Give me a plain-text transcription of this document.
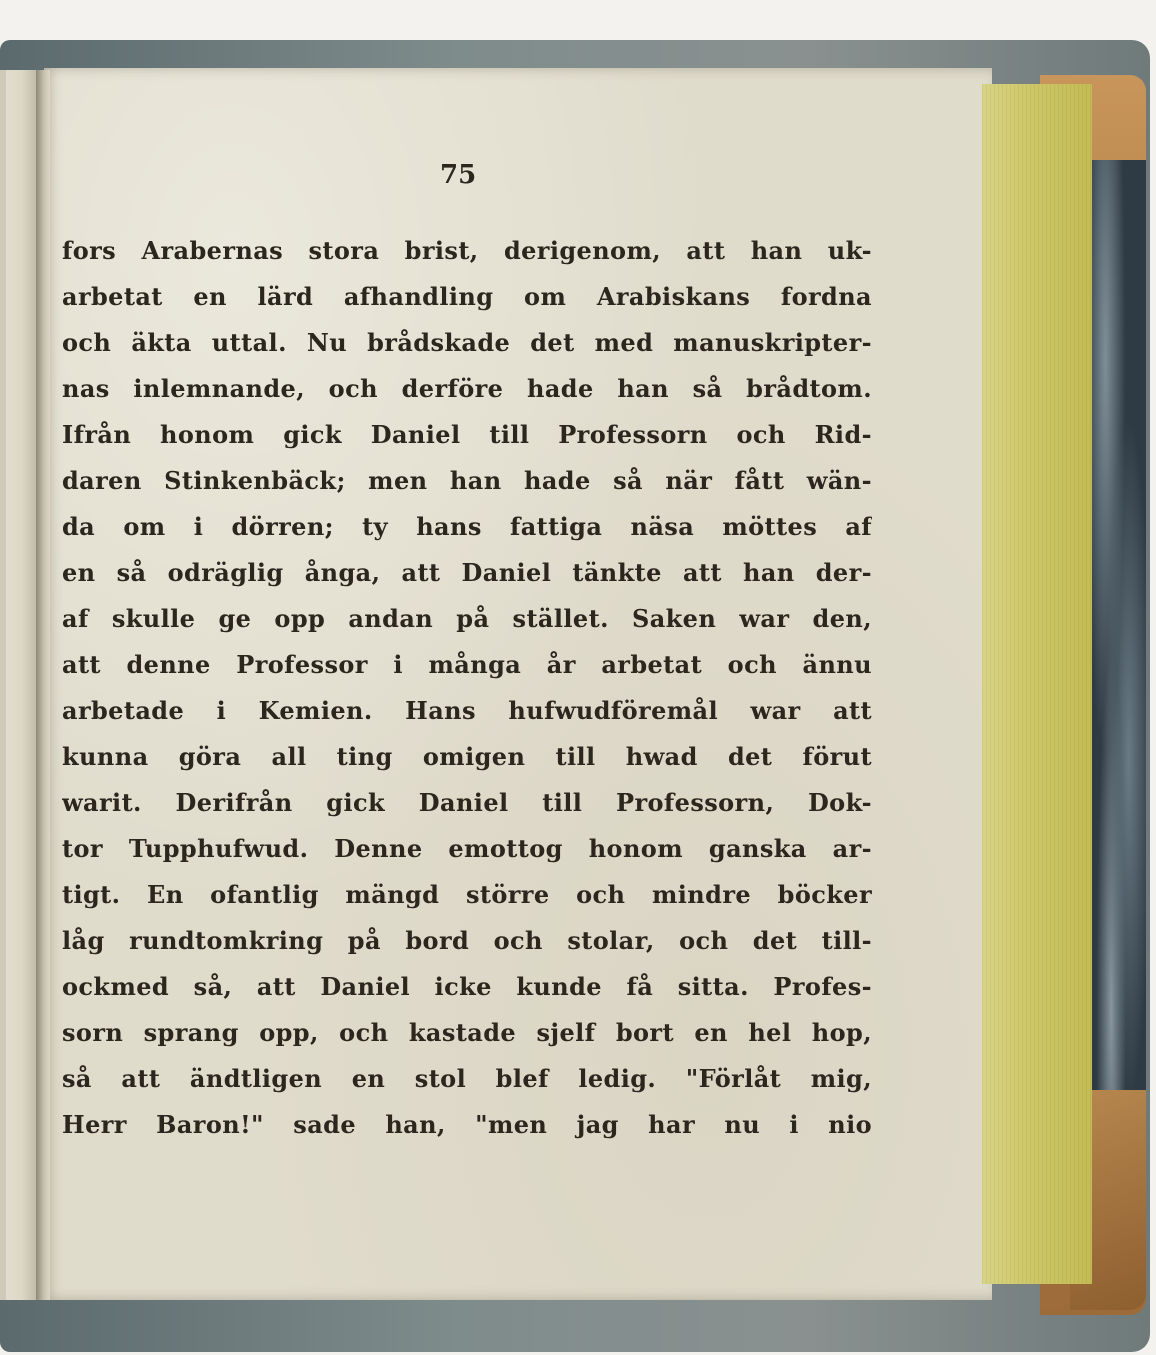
75
fors Arabernas stora brist, derigenom, att han uk-
arbetat en lärd afhandling om Arabiskans fordna
och äkta uttal. Nu brådskade det med manuskripter-
nas inlemnande, och derföre hade han så brådtom.
Ifrån honom gick Daniel till Professorn och Rid-
daren Stinkenbäck; men han hade så när fått wän-
da om i dörren; ty hans fattiga näsa möttes af
en så odräglig ånga, att Daniel tänkte att han der-
af skulle ge opp andan på stället. Saken war den,
att denne Professor i många år arbetat och ännu
arbetade i Kemien. Hans hufwudföremål war att
kunna göra all ting omigen till hwad det förut
warit. Derifrån gick Daniel till Professorn, Dok-
tor Tupphufwud. Denne emottog honom ganska ar-
tigt. En ofantlig mängd större och mindre böcker
låg rundtomkring på bord och stolar, och det till-
ockmed så, att Daniel icke kunde få sitta. Profes-
sorn sprang opp, och kastade sjelf bort en hel hop,
så att ändtligen en stol blef ledig. "Förlåt mig,
Herr Baron!" sade han, "men jag har nu i nio
